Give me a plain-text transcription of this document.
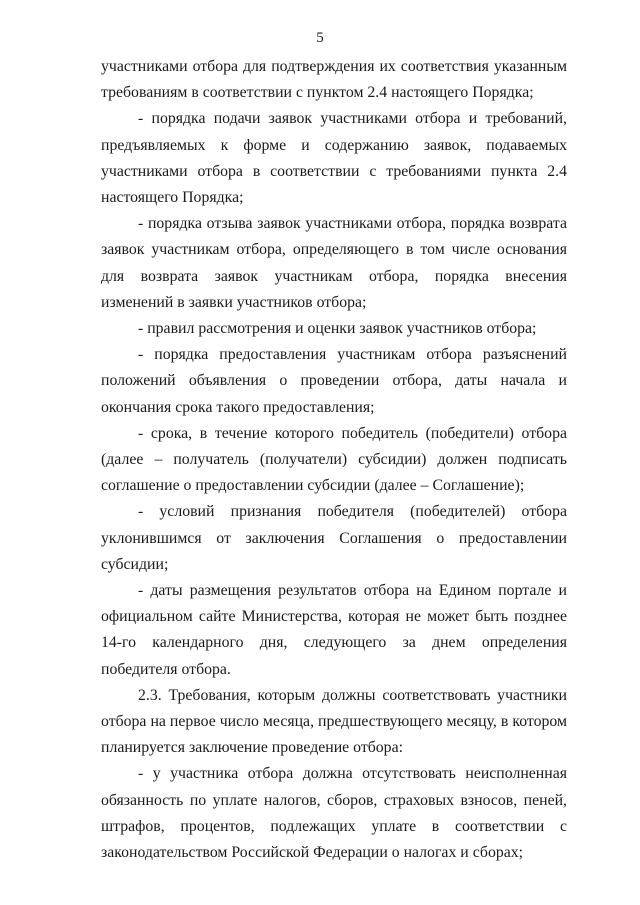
5

участниками отбора для подтверждения их соответствия указанным требованиям в соответствии с пунктом 2.4 настоящего Порядка;

- порядка подачи заявок участниками отбора и требований, предъявляемых к форме и содержанию заявок, подаваемых участниками отбора в соответствии с требованиями пункта 2.4 настоящего Порядка;

- порядка отзыва заявок участниками отбора, порядка возврата заявок участникам отбора, определяющего в том числе основания для возврата заявок участникам отбора, порядка внесения изменений в заявки участников отбора;

- правил рассмотрения и оценки заявок участников отбора;

- порядка предоставления участникам отбора разъяснений положений объявления о проведении отбора, даты начала и окончания срока такого предоставления;

- срока, в течение которого победитель (победители) отбора (далее – получатель (получатели) субсидии) должен подписать соглашение о предоставлении субсидии (далее – Соглашение);

- условий признания победителя (победителей) отбора уклонившимся от заключения Соглашения о предоставлении субсидии;

- даты размещения результатов отбора на Едином портале и официальном сайте Министерства, которая не может быть позднее 14-го календарного дня, следующего за днем определения победителя отбора.

2.3. Требования, которым должны соответствовать участники отбора на первое число месяца, предшествующего месяцу, в котором планируется заключение проведение отбора:

- у участника отбора должна отсутствовать неисполненная обязанность по уплате налогов, сборов, страховых взносов, пеней, штрафов, процентов, подлежащих уплате в соответствии с законодательством Российской Федерации о налогах и сборах;
